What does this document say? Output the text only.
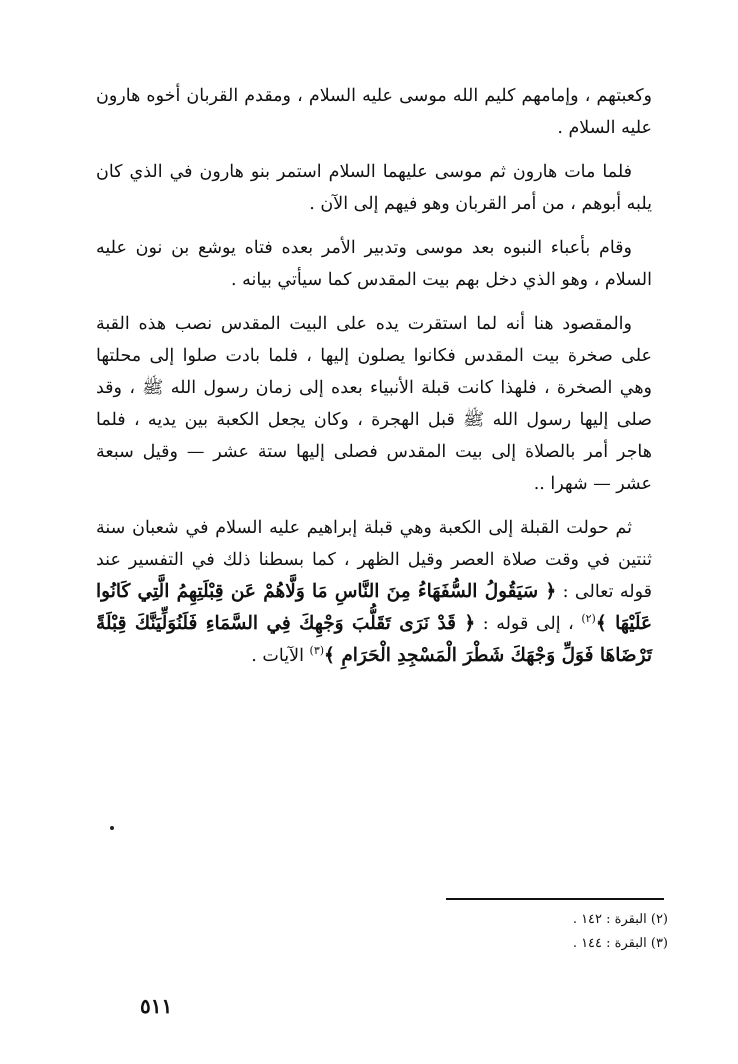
وكعبتهم ، وإمامهم كليم الله موسى عليه السلام ، ومقدم القربان أخوه هارون عليه السلام .

فلما مات هارون ثم موسى عليهما السلام استمر بنو هارون في الذي كان يلبه أبوهم ، من أمر القربان وهو فيهم إلى الآن .

وقام بأعباء النبوه بعد موسى وتدبير الأمر بعده فتاه يوشع بن نون عليه السلام ، وهو الذي دخل بهم بيت المقدس كما سيأتي بيانه .

والمقصود هنا أنه لما استقرت يده على البيت المقدس نصب هذه القبة على صخرة بيت المقدس فكانوا يصلون إليها ، فلما بادت صلوا إلى محلتها وهي الصخرة ، فلهذا كانت قبلة الأنبياء بعده إلى زمان رسول الله ﷺ ، وقد صلى إليها رسول الله ﷺ قبل الهجرة ، وكان يجعل الكعبة بين يديه ، فلما هاجر أمر بالصلاة إلى بيت المقدس فصلى إليها ستة عشر — وقيل سبعة عشر — شهرا ..

ثم حولت القبلة إلى الكعبة وهي قبلة إبراهيم عليه السلام في شعبان سنة ثنتين في وقت صلاة العصر وقيل الظهر ، كما بسطنا ذلك في التفسير عند قوله تعالى : ﴿ سَيَقُولُ السُّفَهَاءُ مِنَ النَّاسِ مَا وَلَّاهُمْ عَن قِبْلَتِهِمُ الَّتِي كَانُوا عَلَيْهَا ﴾$^{(٢)}$ ، إلى قوله : ﴿ قَدْ نَرَى تَقَلُّبَ وَجْهِكَ فِي السَّمَاءِ فَلَنُوَلِّيَنَّكَ قِبْلَةً تَرْضَاهَا فَوَلِّ وَجْهَكَ شَطْرَ الْمَسْجِدِ الْحَرَامِ ﴾$^{(٣)}$ الآيات .

(٢) البقرة : ١٤٢ .

(٣) البقرة : ١٤٤ .

٥١١
